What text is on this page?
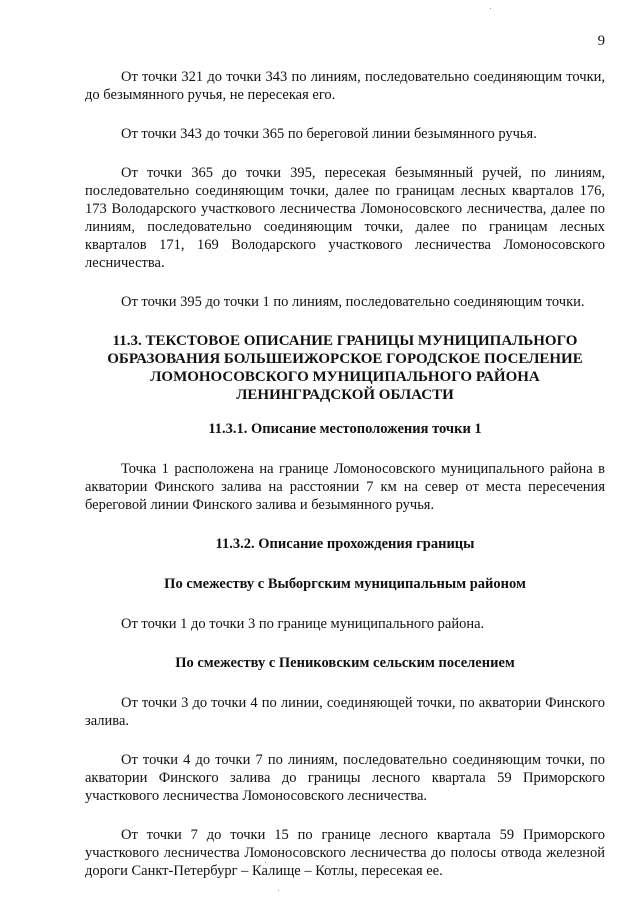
9

От точки 321 до точки 343 по линиям, последовательно соединяющим точки, до безымянного ручья, не пересекая его.

От точки 343 до точки 365 по береговой линии безымянного ручья.

От точки 365 до точки 395, пересекая безымянный ручей, по линиям, последовательно соединяющим точки, далее по границам лесных кварталов 176, 173 Володарского участкового лесничества Ломоносовского лесничества, далее по линиям, последовательно соединяющим точки, далее по границам лесных кварталов 171, 169 Володарского участкового лесничества Ломоносовского лесничества.

От точки 395 до точки 1 по линиям, последовательно соединяющим точки.

11.3. ТЕКСТОВОЕ ОПИСАНИЕ ГРАНИЦЫ МУНИЦИПАЛЬНОГО ОБРАЗОВАНИЯ БОЛЬШЕИЖОРСКОЕ ГОРОДСКОЕ ПОСЕЛЕНИЕ ЛОМОНОСОВСКОГО МУНИЦИПАЛЬНОГО РАЙОНА ЛЕНИНГРАДСКОЙ ОБЛАСТИ
11.3.1. Описание местоположения точки 1

Точка 1 расположена на границе Ломоносовского муниципального района в акватории Финского залива на расстоянии 7 км на север от места пересечения береговой линии Финского залива и безымянного ручья.

11.3.2. Описание прохождения границы
По смежеству с Выборгским муниципальным районом

От точки 1 до точки 3 по границе муниципального района.

По смежеству с Пениковским сельским поселением

От точки 3 до точки 4 по линии, соединяющей точки, по акватории Финского залива.

От точки 4 до точки 7 по линиям, последовательно соединяющим точки, по акватории Финского залива до границы лесного квартала 59 Приморского участкового лесничества Ломоносовского лесничества.

От точки 7 до точки 15 по границе лесного квартала 59 Приморского участкового лесничества Ломоносовского лесничества до полосы отвода железной дороги Санкт-Петербург – Калище – Котлы, пересекая ее.
